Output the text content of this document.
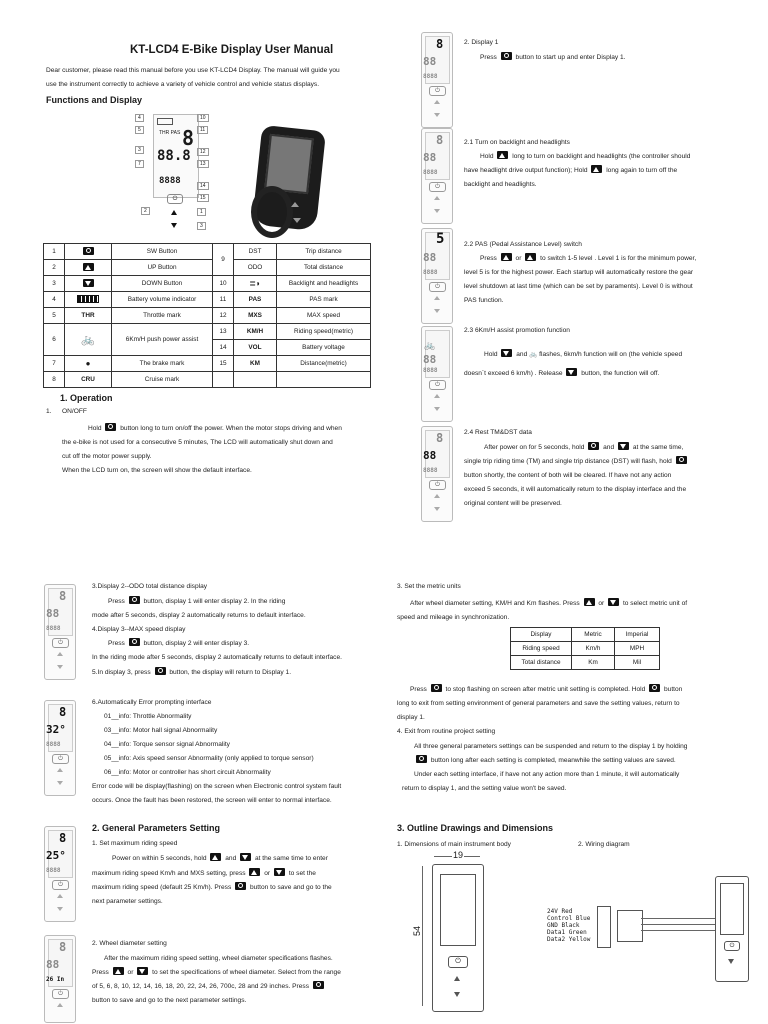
KT-LCD4 E-Bike Display User Manual
Dear customer, please read this manual before you use KT-LCD4 Display. The manual will guide you
use the instrument correctly to achieve a variety of vehicle control and vehicle status displays.
Functions and Display
THR PAS 8
88.8
8888
⏻
4
5
3
7
2
10
11
12
13
14
15
1
3
1		SW Button	9	DST	Trip distance
2		UP Button		ODO	Total distance
3		DOWN Button	10	≣◗	Backlight and headlights
4		Battery volume indicator	11	PAS	PAS mark
5	THR	Throttle mark	12	MXS	MAX speed
6	🚲	6Km/H push power assist	13	KM/H	Riding speed(metric)
			14	VOL	Battery voltage
7	●	The brake mark	15	KM	Distance(metric)
8	CRU	Cruise mark			
1. Operation
1. ON/OFF
Hold	button long to turn on/off the power. When the motor stops driving and when
the e-bike is not used for a consecutive 5 minutes, The LCD will automatically shut down and
cut off the motor power supply.
When the LCD turn on, the screen will show the default interface.
8
88
8888
⏻
2. Display 1
Press	button to start up and enter Display 1.
8
88
8888
⏻
2.1 Turn on backlight and headlights
Hold	long to turn on backlight and headlights (the controller should
have headlight drive output function); Hold	long again to turn off the
backlight and headlights.
5
88
8888
⏻
2.2 PAS (Pedal Assistance Level) switch
Press	or	to switch 1-5 level . Level 1 is for the minimum power,
level 5 is for the highest power. Each startup will automatically restore the gear
level shutdown at last time (which can be set by paraments). Level 0 is without
PAS function.
🚲
88
8888
⏻
2.3 6Km/H assist promotion function
Hold	and 🚲 flashes, 6km/h function will on (the vehicle speed
doesn´t exceed 6 km/h) . Release	button, the function will off.
8
88
8888
⏻
2.4 Rest TM&DST data
After power on for 5 seconds, hold	and	at the same time,
single trip riding time (TM) and single trip distance (DST) will flash, hold
button shortly, the content of both will be cleared. If have not any action
exceed 5 seconds, it will automatically return to the display interface and the
original content will be preserved.
8
88
8888
⏻
3.Display 2--ODO total distance display
Press	button, display 1 will enter display 2. In the riding
mode after 5 seconds, display 2 automatically returns to default interface.
4.Display 3--MAX speed display
Press	button, display 2 will enter display 3.
In the riding mode after 5 seconds, display 2 automatically returns to default interface.
5.In display 3, press	button, the display will return to Display 1.
8
32°
8888
⏻
6.Automatically Error prompting interface
01__info: Throttle Abnormality
03__info: Motor hall signal Abnormality
04__info: Torque sensor signal Abnormality
05__info: Axis speed sensor Abnormality (only applied to torque sensor)
06__info: Motor or controller has short circuit Abnormality
Error code will be display(flashing) on the screen when Electronic control system fault
occurs. Once the fault has been restored, the screen will enter to normal interface.
2. General Parameters Setting
8
25°
8888
⏻
1. Set maximum riding speed
Power on within 5 seconds, hold	and	at the same time to enter
maximum riding speed Km/h and MXS setting, press	or	to set the
maximum riding speed (default 25 Km/h). Press	button to save and go to the
next parameter settings.
8
88
26 In
⏻
2. Wheel diameter setting
After the maximum riding speed setting, wheel diameter specifications flashes.
Press	or	to set the specifications of wheel diameter. Select from the range
of 5, 6, 8, 10, 12, 14, 16, 18, 20, 22, 24, 26, 700c, 28 and 29 inches. Press
button to save and go to the next parameter settings.
3. Set the metric units
After wheel diameter setting, KM/H and Km flashes. Press	or	to select metric unit of
speed and mileage in synchronization.
Display	Metric	Imperial
Riding speed	Km/h	MPH
Total distance	Km	Mil
Press	to stop flashing on screen after metric unit setting is completed. Hold	button
long to exit from setting environment of general parameters and save the setting values, return to
display 1.
4. Exit from routine project setting
All three general parameters settings can be suspended and return to the display 1 by holding
button long after each setting is completed, meanwhile the setting values are saved.
Under each setting interface, if have not any action more than 1 minute, it will automatically
return to display 1, and the setting value won't be saved.
3. Outline Drawings and Dimensions
1. Dimensions of main instrument body	2. Wiring diagram
19
54
⏻
24V Red
Control Blue
GND Black
Data1 Green
Data2 Yellow
⏻
